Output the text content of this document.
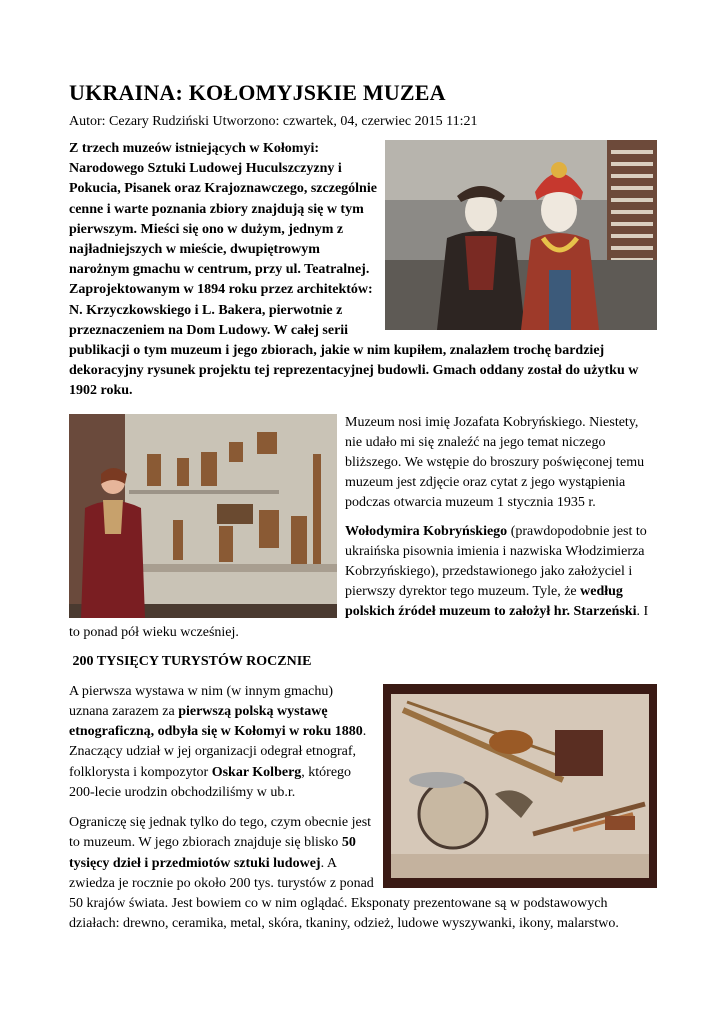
UKRAINA: KOŁOMYJSKIE MUZEA
Autor: Cezary Rudziński Utworzono: czwartek, 04, czerwiec 2015 11:21

Z trzech muzeów istniejących w Kołomyi: Narodowego Sztuki Ludowej Huculszczyzny i Pokucia, Pisanek oraz Krajoznawczego, szczególnie cenne i warte poznania zbiory znajdują się w tym pierwszym. Mieści się ono w dużym, jednym z najładniejszych w mieście, dwupiętrowym narożnym gmachu w centrum, przy ul. Teatralnej. Zaprojektowanym w 1894 roku przez architektów: N. Krzyczkowskiego i L. Bakera, pierwotnie z przeznaczeniem na Dom Ludowy. W całej serii publikacji o tym muzeum i jego zbiorach, jakie w nim kupiłem, znalazłem trochę bardziej dekoracyjny rysunek projektu tej reprezentacyjnej budowli. Gmach oddany został do użytku w 1902 roku.

Muzeum nosi imię Jozafata Kobryńskiego. Niestety, nie udało mi się znaleźć na jego temat niczego bliższego. We wstępie do broszury poświęconej temu muzeum jest zdjęcie oraz cytat z jego wystąpienia podczas otwarcia muzeum 1 stycznia 1935 r.

Wołodymira Kobryńskiego (prawdopodobnie jest to ukraińska pisownia imienia i nazwiska Włodzimierza Kobrzyńskiego), przedstawionego jako założyciel i pierwszy dyrektor tego muzeum. Tyle, że według polskich źródeł muzeum to założył hr. Starzeński. I to ponad pół wieku wcześniej.

200 TYSIĘCY TURYSTÓW ROCZNIE

A pierwsza wystawa w nim (w innym gmachu) uznana zarazem za pierwszą polską wystawę etnograficzną, odbyła się w Kołomyi w roku 1880. Znaczący udział w jej organizacji odegrał etnograf, folklorysta i kompozytor Oskar Kolberg, którego 200-lecie urodzin obchodziliśmy w ub.r.

Ograniczę się jednak tylko do tego, czym obecnie jest to muzeum. W jego zbiorach znajduje się blisko 50 tysięcy dzieł i przedmiotów sztuki ludowej. A zwiedza je rocznie po około 200 tys. turystów z ponad 50 krajów świata. Jest bowiem co w nim oglądać. Eksponaty prezentowane są w podstawowych działach: drewno, ceramika, metal, skóra, tkaniny, odzież, ludowe wyszywanki, ikony, malarstwo.
